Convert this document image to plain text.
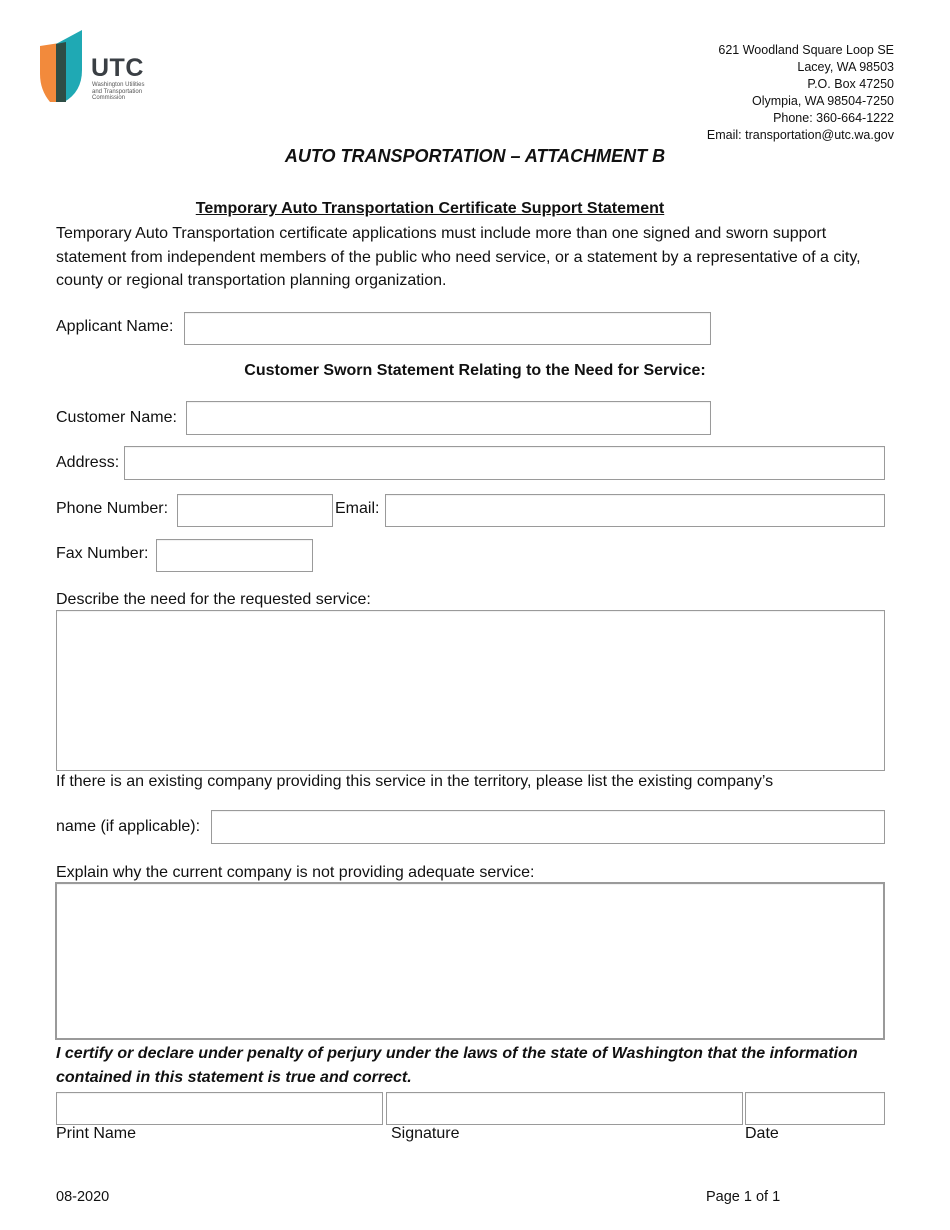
UTC
Washington Utilities
and Transportation
Commission
621 Woodland Square Loop SE
Lacey, WA 98503
P.O. Box 47250
Olympia, WA 98504-7250
Phone: 360-664-1222
Email: transportation@utc.wa.gov
AUTO TRANSPORTATION – ATTACHMENT B
Temporary Auto Transportation Certificate Support Statement
Temporary Auto Transportation certificate applications must include more than one signed and sworn support statement from independent members of the public who need service, or a statement by a representative of a city, county or regional transportation planning organization.
Applicant Name:
Customer Sworn Statement Relating to the Need for Service:
Customer Name:
Address:
Phone Number:	Email:
Fax Number:
Describe the need for the requested service:
If there is an existing company providing this service in the territory, please list the existing company’s
name (if applicable):
Explain why the current company is not providing adequate service:
I certify or declare under penalty of perjury under the laws of the state of Washington that the information contained in this statement is true and correct.
Print Name	Signature	Date
08-2020	Page 1 of 1
